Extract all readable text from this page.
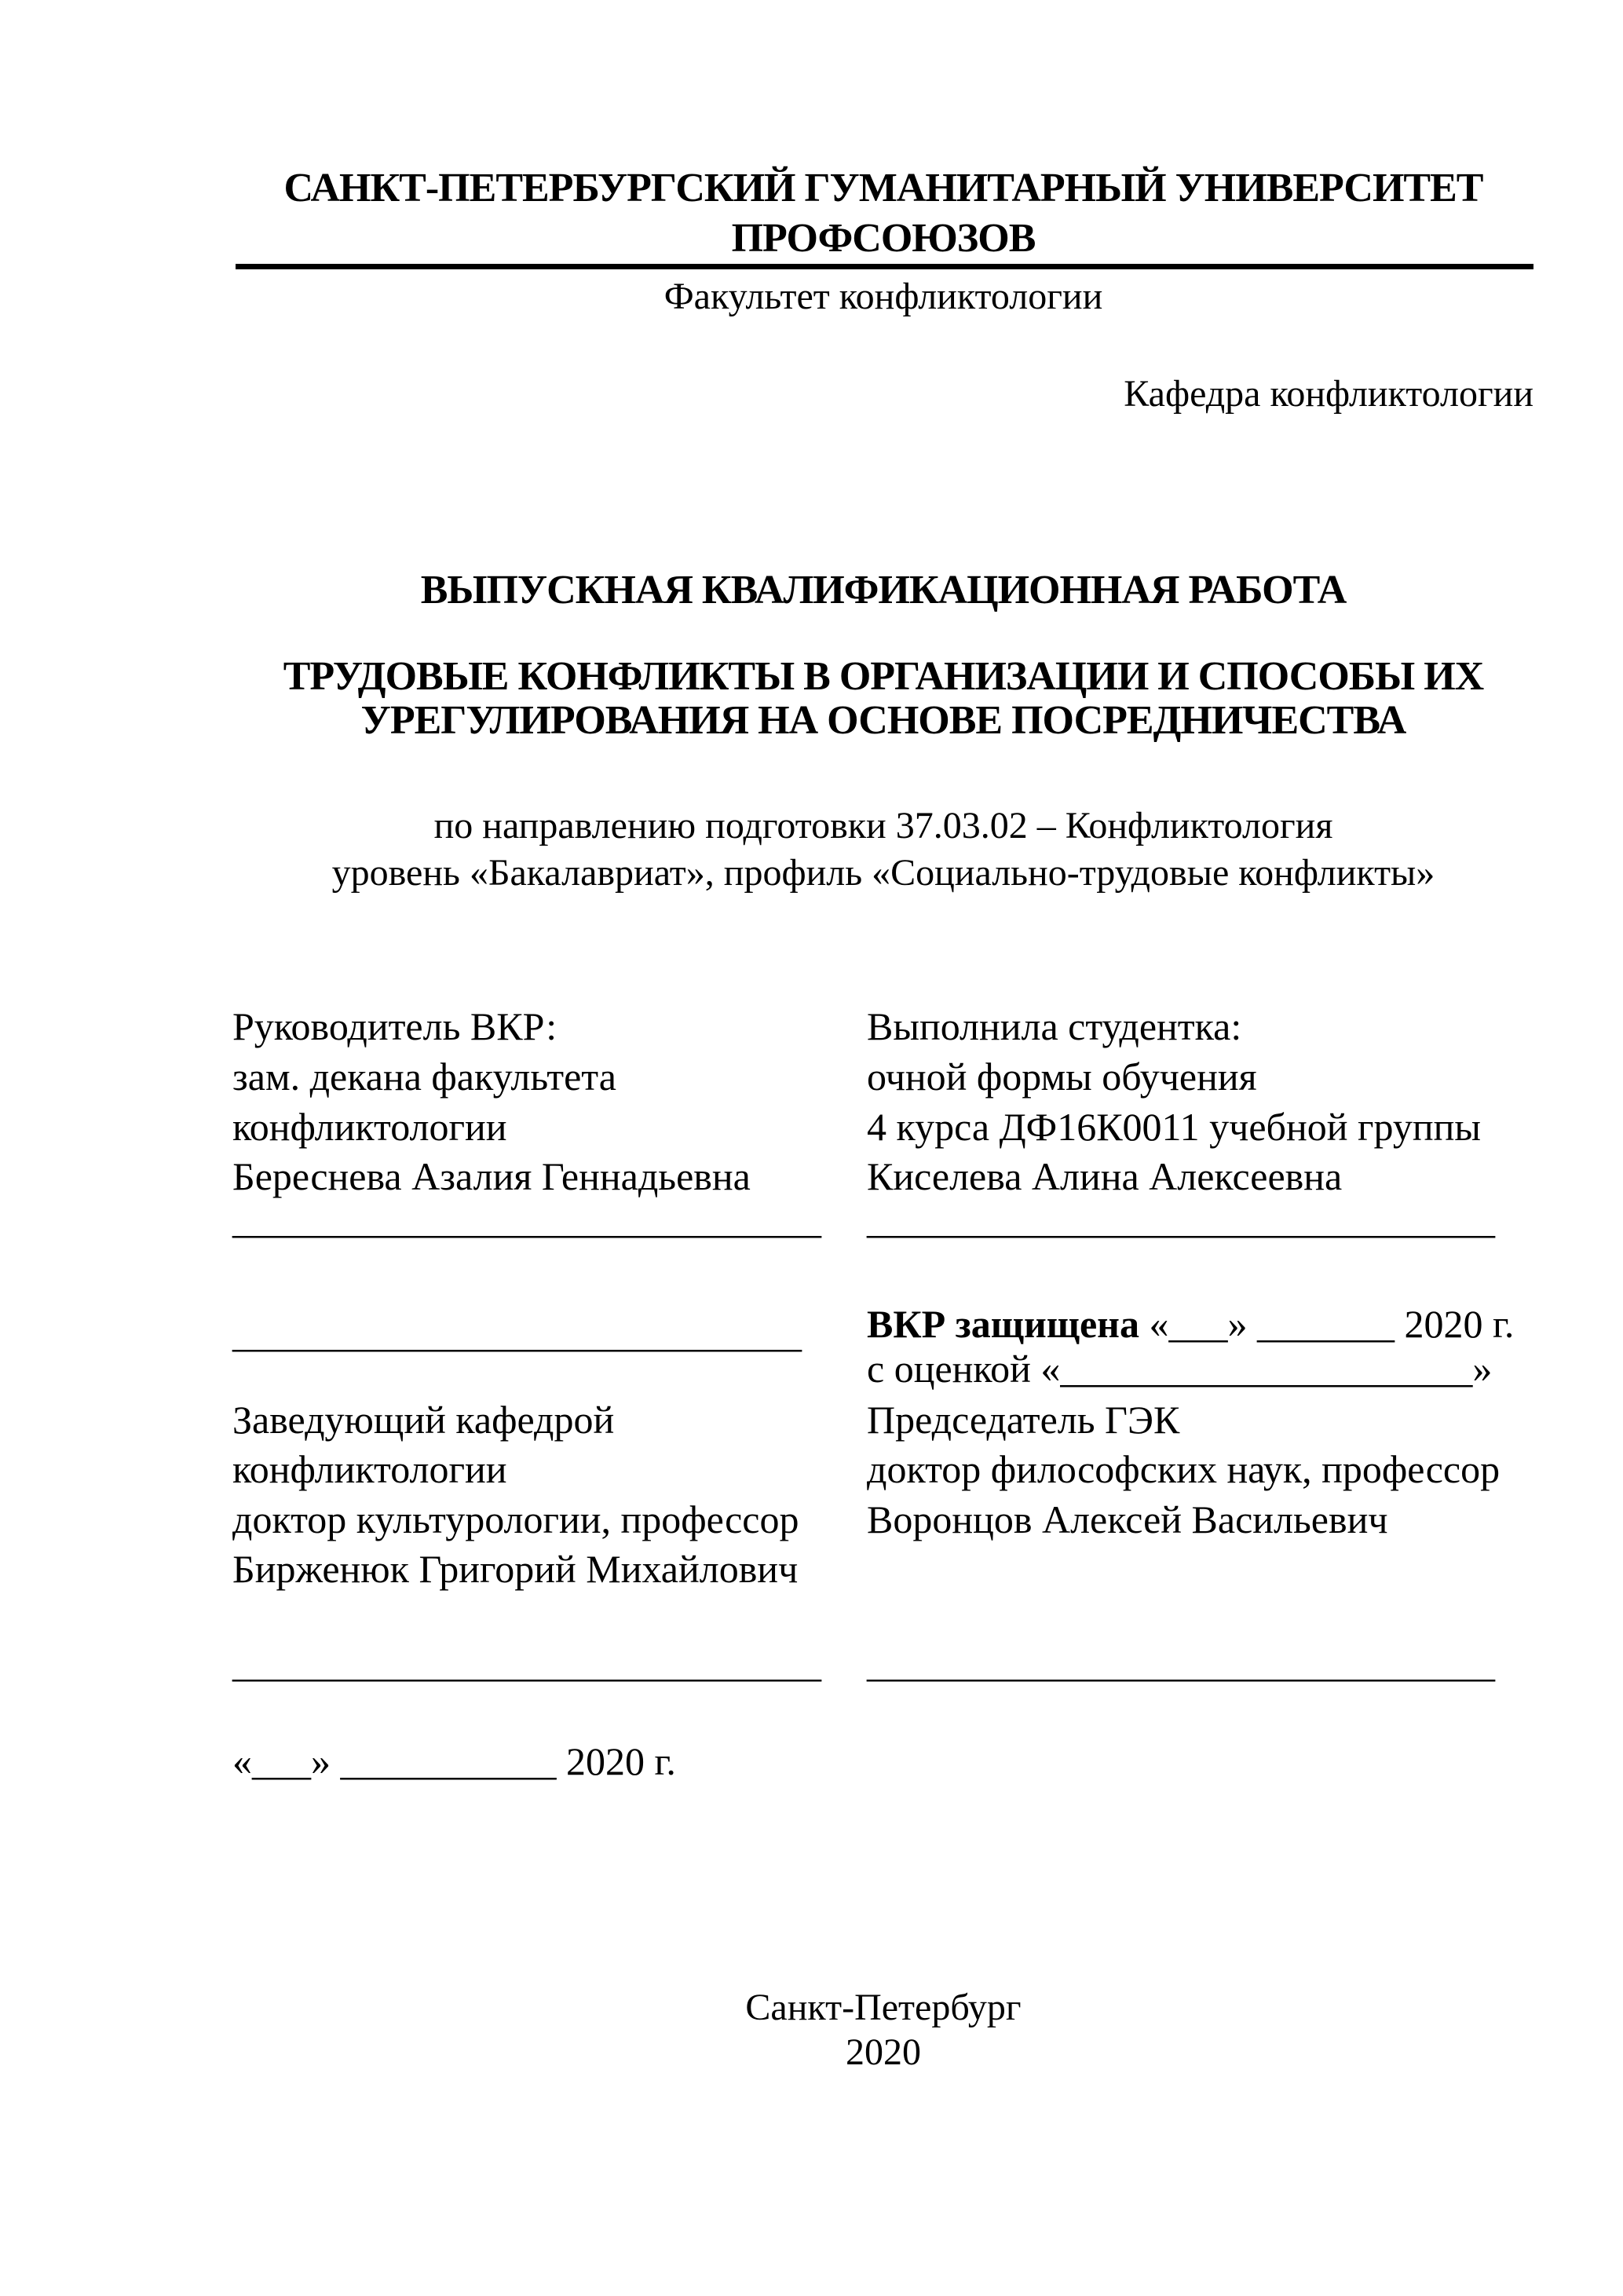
САНКТ-ПЕТЕРБУРГСКИЙ ГУМАНИТАРНЫЙ УНИВЕРСИТЕТ
ПРОФСОЮЗОВ
Факультет конфликтологии
Кафедра конфликтологии
ВЫПУСКНАЯ КВАЛИФИКАЦИОННАЯ РАБОТА
ТРУДОВЫЕ КОНФЛИКТЫ В ОРГАНИЗАЦИИ И СПОСОБЫ ИХ
УРЕГУЛИРОВАНИЯ НА ОСНОВЕ ПОСРЕДНИЧЕСТВА
по направлению подготовки 37.03.02 – Конфликтология
уровень «Бакалавриат», профиль «Социально-трудовые конфликты»
Руководитель ВКР:
зам. декана факультета
конфликтологии
Береснева Азалия Геннадьевна
______________________________
_____________________________
Заведующий кафедрой
конфликтологии
доктор культурологии, профессор
Бирженюк Григорий Михайлович
______________________________
«___» ___________ 2020 г.
Выполнила студентка:
очной формы обучения
4 курса ДФ16К0011 учебной группы
Киселева Алина Алексеевна
________________________________
ВКР защищена «___» _______ 2020 г.
с оценкой «_____________________»
Председатель ГЭК
доктор философских наук, профессор
Воронцов Алексей Васильевич
________________________________
Санкт-Петербург
2020
